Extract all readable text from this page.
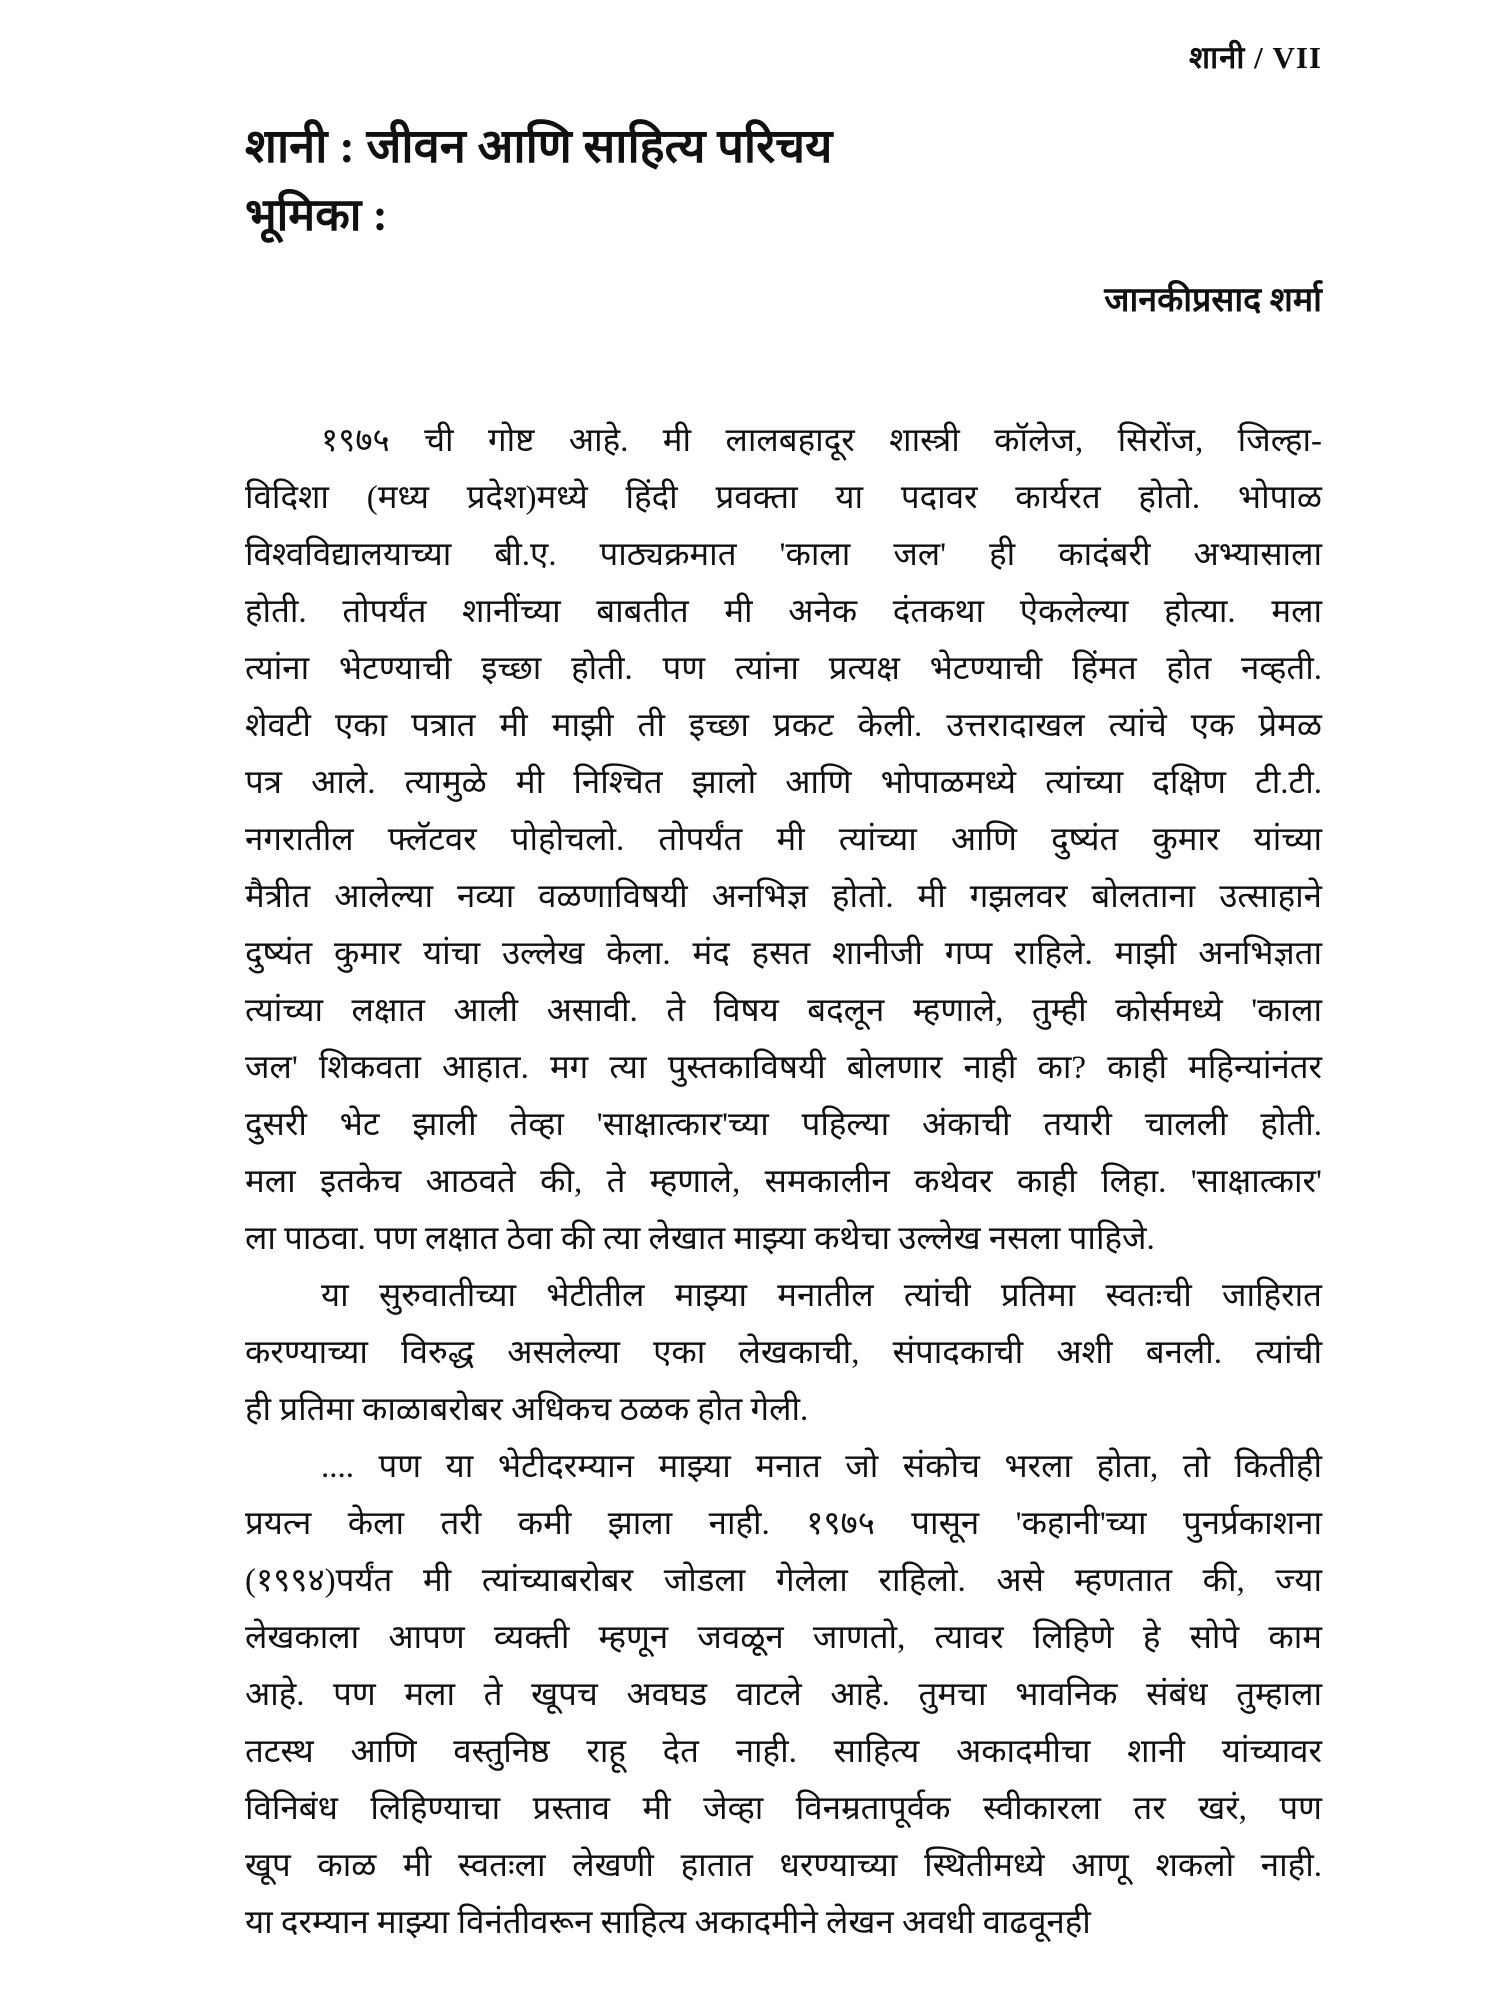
शानी / VII
शानी : जीवन आणि साहित्य परिचय
भूमिका :
जानकीप्रसाद शर्मा
१९७५ ची गोष्ट आहे. मी लालबहादूर शास्त्री कॉलेज, सिरोंज, जिल्हा-
विदिशा (मध्य प्रदेश)मध्ये हिंदी प्रवक्ता या पदावर कार्यरत होतो. भोपाळ
विश्वविद्यालयाच्या बी.ए. पाठ्यक्रमात 'काला जल' ही कादंबरी अभ्यासाला
होती. तोपर्यंत शानींच्या बाबतीत मी अनेक दंतकथा ऐकलेल्या होत्या. मला
त्यांना भेटण्याची इच्छा होती. पण त्यांना प्रत्यक्ष भेटण्याची हिंमत होत नव्हती.
शेवटी एका पत्रात मी माझी ती इच्छा प्रकट केली. उत्तरादाखल त्यांचे एक प्रेमळ
पत्र आले. त्यामुळे मी निश्चित झालो आणि भोपाळमध्ये त्यांच्या दक्षिण टी.टी.
नगरातील फ्लॅटवर पोहोचलो. तोपर्यंत मी त्यांच्या आणि दुष्यंत कुमार यांच्या
मैत्रीत आलेल्या नव्या वळणाविषयी अनभिज्ञ होतो. मी गझलवर बोलताना उत्साहाने
दुष्यंत कुमार यांचा उल्लेख केला. मंद हसत शानीजी गप्प राहिले. माझी अनभिज्ञता
त्यांच्या लक्षात आली असावी. ते विषय बदलून म्हणाले, तुम्ही कोर्समध्ये 'काला
जल' शिकवता आहात. मग त्या पुस्तकाविषयी बोलणार नाही का? काही महिन्यांनंतर
दुसरी भेट झाली तेव्हा 'साक्षात्कार'च्या पहिल्या अंकाची तयारी चालली होती.
मला इतकेच आठवते की, ते म्हणाले, समकालीन कथेवर काही लिहा. 'साक्षात्कार'
ला पाठवा. पण लक्षात ठेवा की त्या लेखात माझ्या कथेचा उल्लेख नसला पाहिजे.
या सुरुवातीच्या भेटीतील माझ्या मनातील त्यांची प्रतिमा स्वतःची जाहिरात
करण्याच्या विरुद्ध असलेल्या एका लेखकाची, संपादकाची अशी बनली. त्यांची
ही प्रतिमा काळाबरोबर अधिकच ठळक होत गेली.
.... पण या भेटीदरम्यान माझ्या मनात जो संकोच भरला होता, तो कितीही
प्रयत्न केला तरी कमी झाला नाही. १९७५ पासून 'कहानी'च्या पुनर्प्रकाशना
(१९९४)पर्यंत मी त्यांच्याबरोबर जोडला गेलेला राहिलो. असे म्हणतात की, ज्या
लेखकाला आपण व्यक्ती म्हणून जवळून जाणतो, त्यावर लिहिणे हे सोपे काम
आहे. पण मला ते खूपच अवघड वाटले आहे. तुमचा भावनिक संबंध तुम्हाला
तटस्थ आणि वस्तुनिष्ठ राहू देत नाही. साहित्य अकादमीचा शानी यांच्यावर
विनिबंध लिहिण्याचा प्रस्ताव मी जेव्हा विनम्रतापूर्वक स्वीकारला तर खरं, पण
खूप काळ मी स्वतःला लेखणी हातात धरण्याच्या स्थितीमध्ये आणू शकलो नाही.
या दरम्यान माझ्या विनंतीवरून साहित्य अकादमीने लेखन अवधी वाढवूनही
